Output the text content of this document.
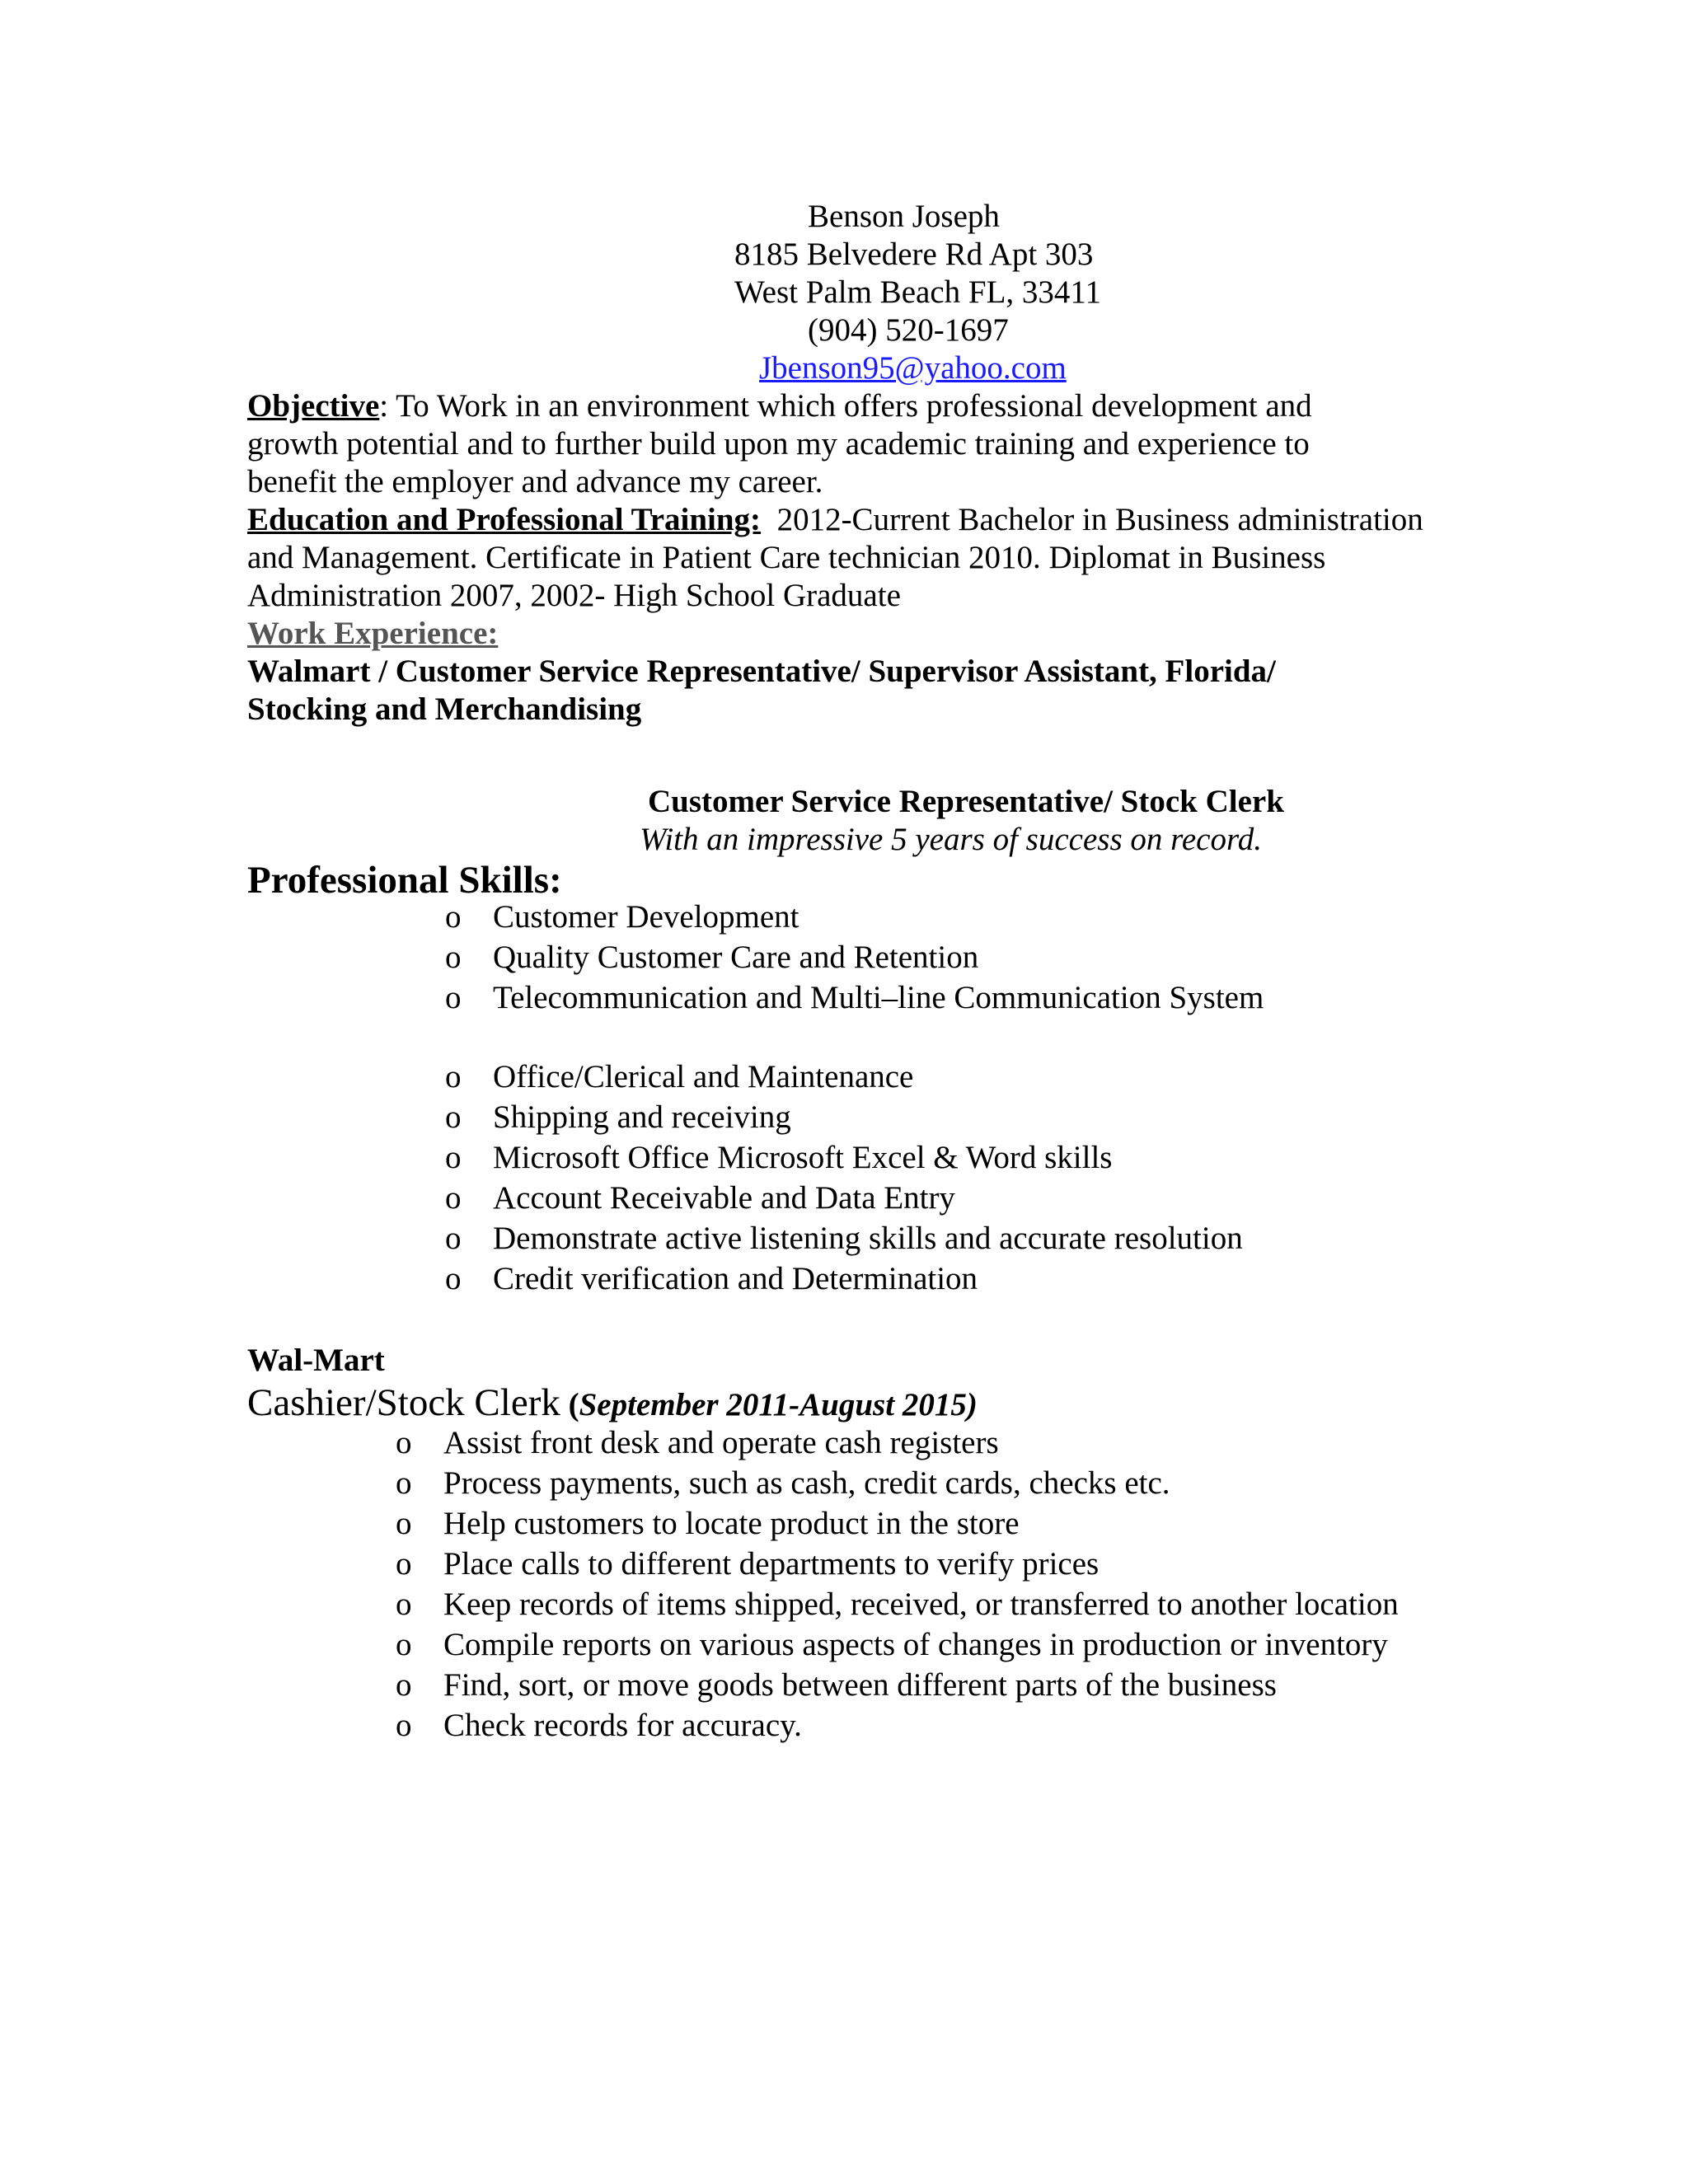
Benson Joseph
8185 Belvedere Rd Apt 303
West Palm Beach FL, 33411
(904) 520-1697
Jbenson95@yahoo.com
Objective: To Work in an environment which offers professional development and growth potential and to further build upon my academic training and experience to benefit the employer and advance my career.
Education and Professional Training:  2012-Current Bachelor in Business administration and Management. Certificate in Patient Care technician 2010. Diplomat in Business Administration 2007, 2002- High School Graduate
Work Experience:
Walmart / Customer Service Representative/ Supervisor Assistant, Florida/
Stocking and Merchandising
Customer Service Representative/ Stock Clerk
With an impressive 5 years of success on record.
Professional Skills:
o Customer Development
o Quality Customer Care and Retention
o Telecommunication and Multi–line Communication System
o Office/Clerical and Maintenance
o Shipping and receiving
o Microsoft Office Microsoft Excel & Word skills
o Account Receivable and Data Entry
o Demonstrate active listening skills and accurate resolution
o Credit verification and Determination
Wal-Mart
Cashier/Stock Clerk (September 2011-August 2015)
o Assist front desk and operate cash registers
o Process payments, such as cash, credit cards, checks etc.
o Help customers to locate product in the store
o Place calls to different departments to verify prices
o Keep records of items shipped, received, or transferred to another location
o Compile reports on various aspects of changes in production or inventory
o Find, sort, or move goods between different parts of the business
o Check records for accuracy.
